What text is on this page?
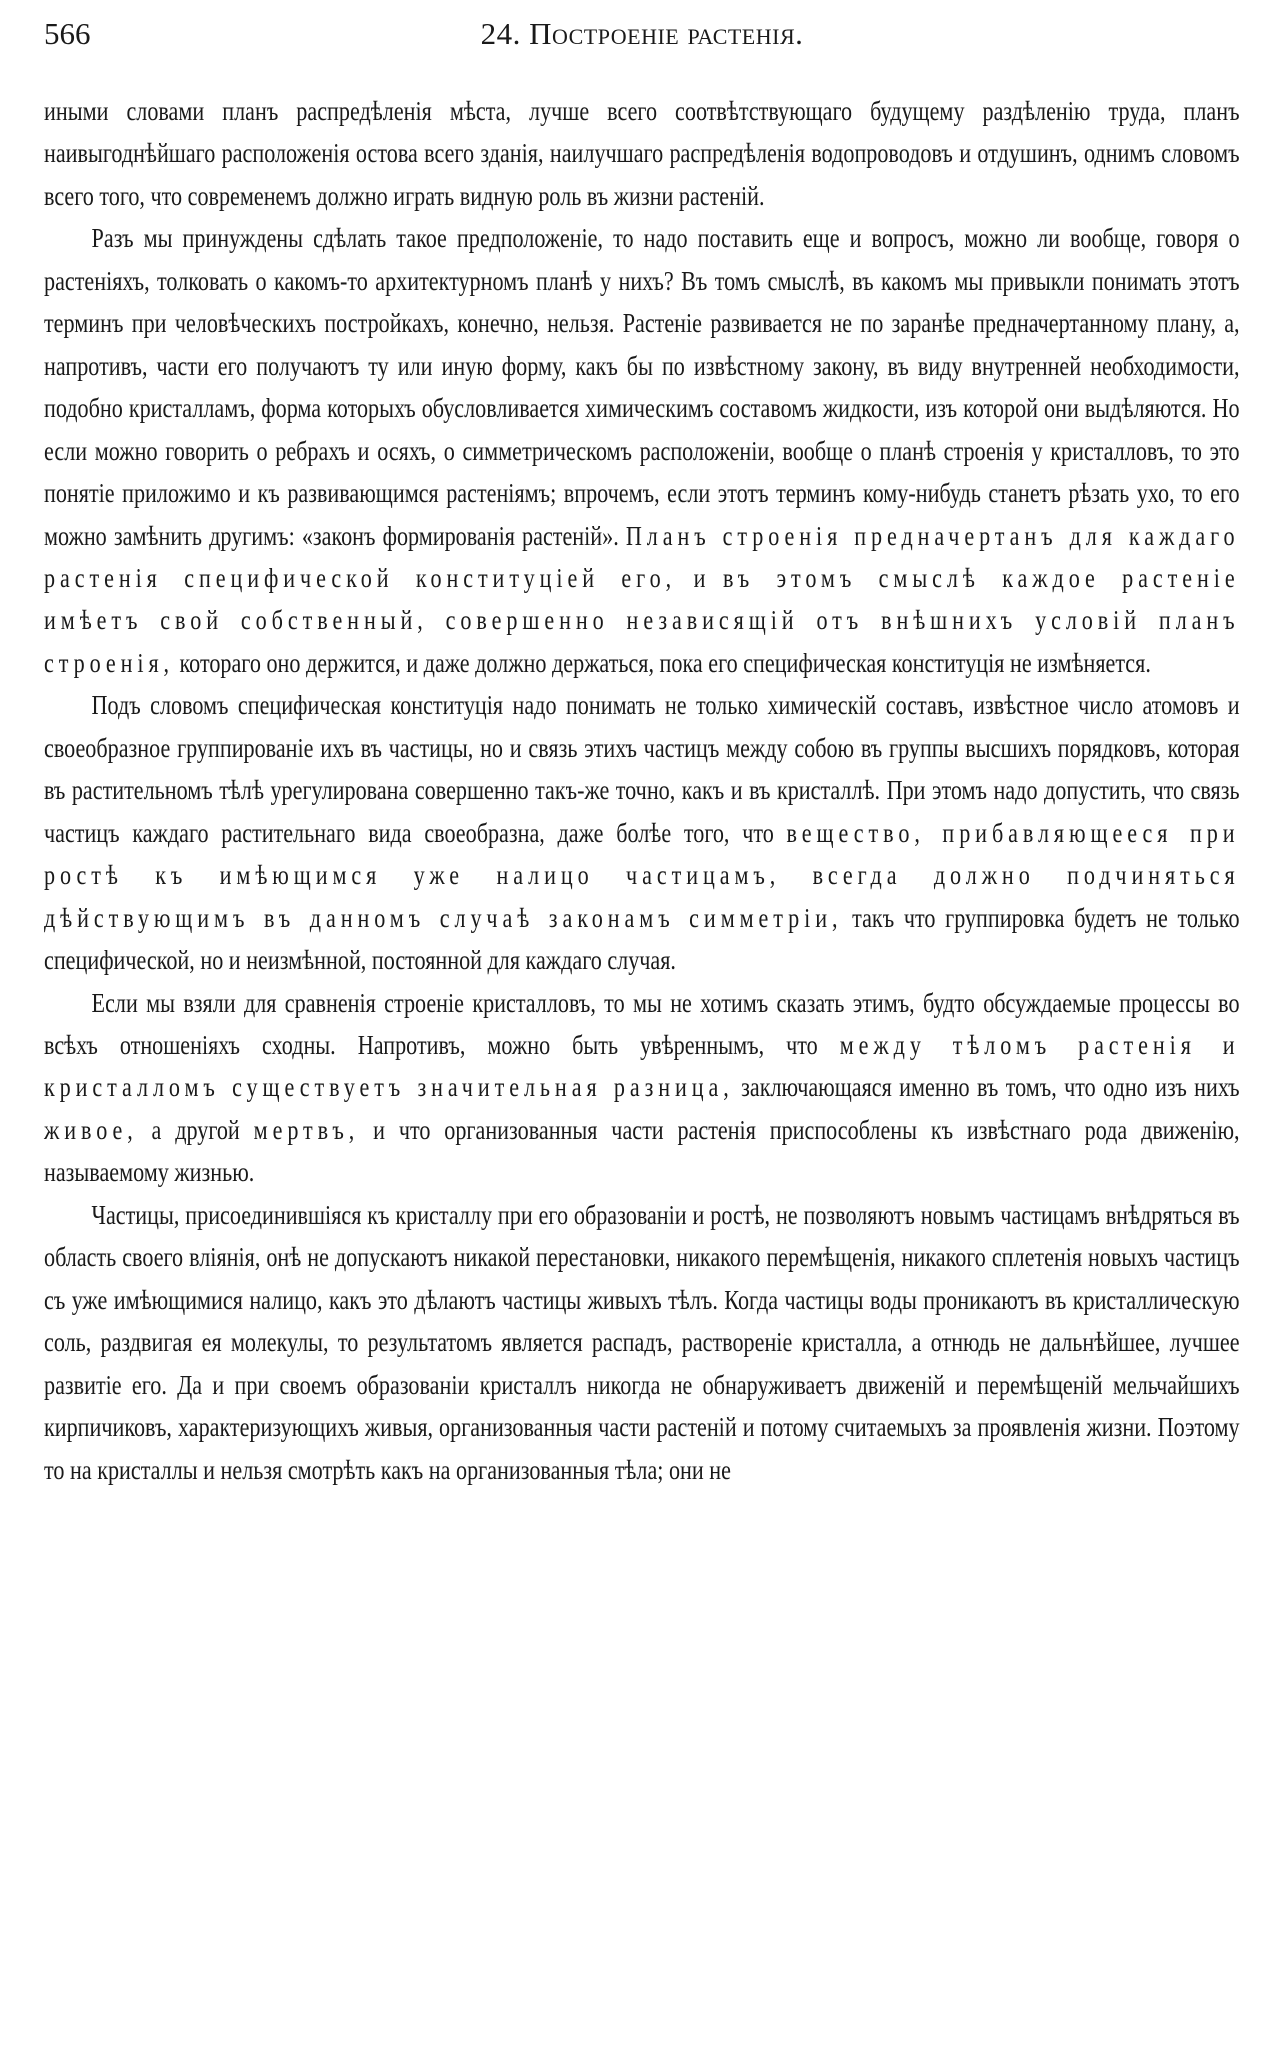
566	24. Построеніе растенія.

иными словами планъ распредѣленія мѣста, лучше всего соотвѣтствующаго будущему раздѣленію труда, планъ наивыгоднѣйшаго расположенія остова всего зданія, наилучшаго распредѣленія водопроводовъ и отдушинъ, однимъ словомъ всего того, что современемъ должно играть видную роль въ жизни растеній.

Разъ мы принуждены сдѣлать такое предположеніе, то надо поставить еще и вопросъ, можно ли вообще, говоря о растеніяхъ, толковать о какомъ-то архитектурномъ планѣ у нихъ? Въ томъ смыслѣ, въ какомъ мы привыкли понимать этотъ терминъ при человѣческихъ постройкахъ, конечно, нельзя. Растеніе развивается не по заранѣе предначертанному плану, а, напротивъ, части его получаютъ ту или иную форму, какъ бы по извѣстному закону, въ виду внутренней необходимости, подобно кристалламъ, форма которыхъ обусловливается химическимъ составомъ жидкости, изъ которой они выдѣляются. Но если можно говорить о ребрахъ и осяхъ, о симметрическомъ расположеніи, вообще о планѣ строенія у кристалловъ, то это понятіе приложимо и къ развивающимся растеніямъ; впрочемъ, если этотъ терминъ кому-нибудь станетъ рѣзать ухо, то его можно замѣнить другимъ: «законъ формированія растеній». Планъ строенія предначертанъ для каждаго растенія специфической конституціей его, и въ этомъ смыслѣ каждое растеніе имѣетъ свой собственный, совершенно независящій отъ внѣшнихъ условій планъ строенія, котораго оно держится, и даже должно держаться, пока его специфическая конституція не измѣняется.

Подъ словомъ специфическая конституція надо понимать не только химическій составъ, извѣстное число атомовъ и своеобразное группированіе ихъ въ частицы, но и связь этихъ частицъ между собою въ группы высшихъ порядковъ, которая въ растительномъ тѣлѣ урегулирована совершенно такъ-же точно, какъ и въ кристаллѣ. При этомъ надо допустить, что связь частицъ каждаго растительнаго вида своеобразна, даже болѣе того, что вещество, прибавляющееся при ростѣ къ имѣющимся уже налицо частицамъ, всегда должно подчиняться дѣйствующимъ въ данномъ случаѣ законамъ симметріи, такъ что группировка будетъ не только специфической, но и неизмѣнной, постоянной для каждаго случая.

Если мы взяли для сравненія строеніе кристалловъ, то мы не хотимъ сказать этимъ, будто обсуждаемые процессы во всѣхъ отношеніяхъ сходны. Напротивъ, можно быть увѣреннымъ, что между тѣломъ растенія и кристалломъ существуетъ значительная разница, заключающаяся именно въ томъ, что одно изъ нихъ живое, а другой мертвъ, и что организованныя части растенія приспособлены къ извѣстнаго рода движенію, называемому жизнью.

Частицы, присоединившіяся къ кристаллу при его образованіи и ростѣ, не позволяютъ новымъ частицамъ внѣдряться въ область своего вліянія, онѣ не допускаютъ никакой перестановки, никакого перемѣщенія, никакого сплетенія новыхъ частицъ съ уже имѣющимися налицо, какъ это дѣлаютъ частицы живыхъ тѣлъ. Когда частицы воды проникаютъ въ кристаллическую соль, раздвигая ея молекулы, то результатомъ является распадъ, раствореніе кристалла, а отнюдь не дальнѣйшее, лучшее развитіе его. Да и при своемъ образованіи кристаллъ никогда не обнаруживаетъ движеній и перемѣщеній мельчайшихъ кирпичиковъ, характеризующихъ живыя, организованныя части растеній и потому считаемыхъ за проявленія жизни. Поэтому то на кристаллы и нельзя смотрѣть какъ на организованныя тѣла; они не
